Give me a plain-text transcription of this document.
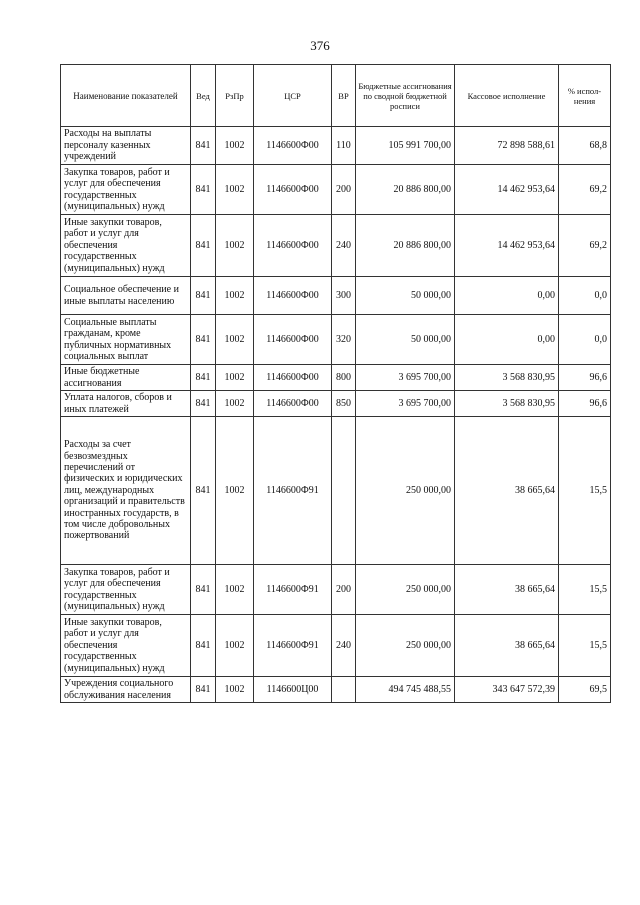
376
Наименование показателей	Вед	РзПр	ЦСР	ВР	Бюджетные ассигнования по сводной бюджетной росписи	Кассовое исполнение	% испол-нения
Расходы на выплаты персоналу казенных учреждений	841	1002	1146600Ф00	110	105 991 700,00	72 898 588,61	68,8
Закупка товаров, работ и услуг для обеспечения государственных (муниципальных) нужд	841	1002	1146600Ф00	200	20 886 800,00	14 462 953,64	69,2
Иные закупки товаров, работ и услуг для обеспечения государственных (муниципальных) нужд	841	1002	1146600Ф00	240	20 886 800,00	14 462 953,64	69,2
Социальное обеспечение и иные выплаты населению	841	1002	1146600Ф00	300	50 000,00	0,00	0,0
Социальные выплаты гражданам, кроме публичных нормативных социальных выплат	841	1002	1146600Ф00	320	50 000,00	0,00	0,0
Иные бюджетные ассигнования	841	1002	1146600Ф00	800	3 695 700,00	3 568 830,95	96,6
Уплата налогов, сборов и иных платежей	841	1002	1146600Ф00	850	3 695 700,00	3 568 830,95	96,6
Расходы за счет безвозмездных перечислений от физических и юридических лиц, международных организаций и правительств иностранных государств, в том числе добровольных пожертвований	841	1002	1146600Ф91		250 000,00	38 665,64	15,5
Закупка товаров, работ и услуг для обеспечения государственных (муниципальных) нужд	841	1002	1146600Ф91	200	250 000,00	38 665,64	15,5
Иные закупки товаров, работ и услуг для обеспечения государственных (муниципальных) нужд	841	1002	1146600Ф91	240	250 000,00	38 665,64	15,5
Учреждения социального обслуживания населения	841	1002	1146600Ц00		494 745 488,55	343 647 572,39	69,5
